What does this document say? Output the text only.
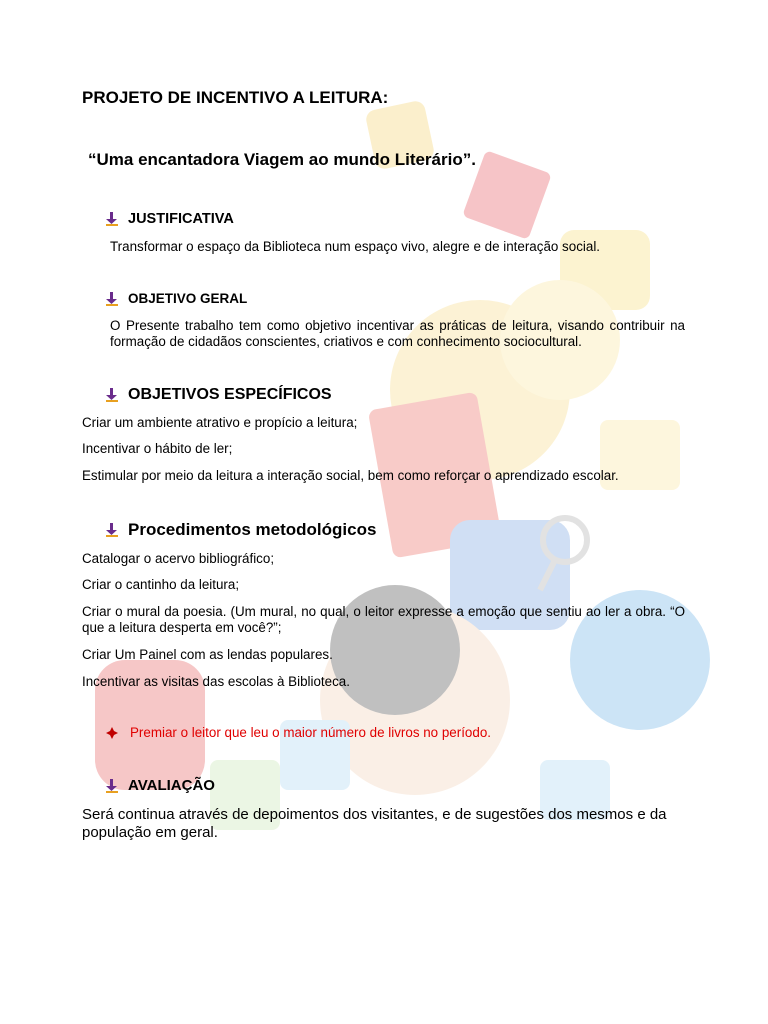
PROJETO DE INCENTIVO A LEITURA:

“Uma encantadora Viagem ao mundo Literário”.

JUSTIFICATIVA

Transformar o espaço da Biblioteca num espaço vivo, alegre e de interação social.

OBJETIVO GERAL

O Presente trabalho tem como objetivo incentivar as práticas de leitura, visando contribuir na formação de cidadãos conscientes, criativos e com conhecimento sociocultural.

OBJETIVOS ESPECÍFICOS

Criar um ambiente atrativo e propício a leitura;

Incentivar o hábito de ler;

Estimular por meio da leitura a interação social, bem como reforçar o aprendizado escolar.

Procedimentos metodológicos

Catalogar o acervo bibliográfico;

Criar o cantinho da leitura;

Criar o mural da poesia. (Um mural, no qual, o leitor expresse a emoção que sentiu ao ler a obra. “O que a leitura desperta em você?”;

Criar Um Painel com as lendas populares.

Incentivar as visitas das escolas à Biblioteca.

Premiar o leitor que leu o maior número de livros no período.
AVALIAÇÃO

Será continua através de depoimentos dos visitantes, e de sugestões dos mesmos e da população em geral.
